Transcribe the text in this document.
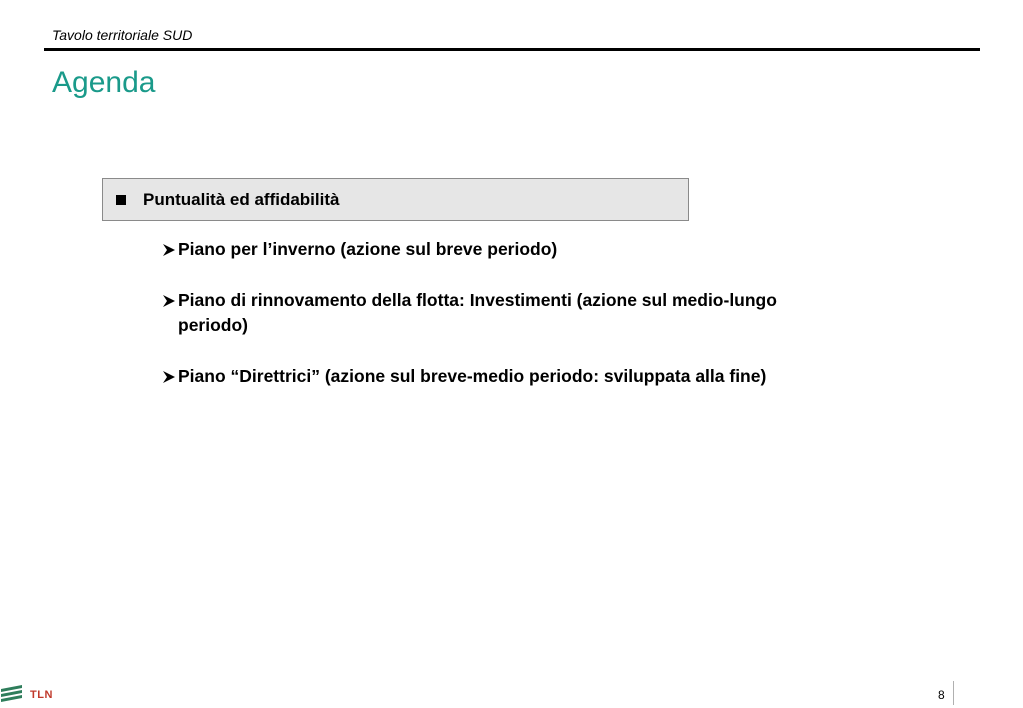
Tavolo territoriale SUD
Agenda
Puntualità ed affidabilità
Piano per l’inverno (azione sul breve periodo)
Piano di rinnovamento della flotta: Investimenti (azione sul medio-lungo periodo)
Piano “Direttrici” (azione sul breve-medio periodo: sviluppata alla fine)
TLN	8
